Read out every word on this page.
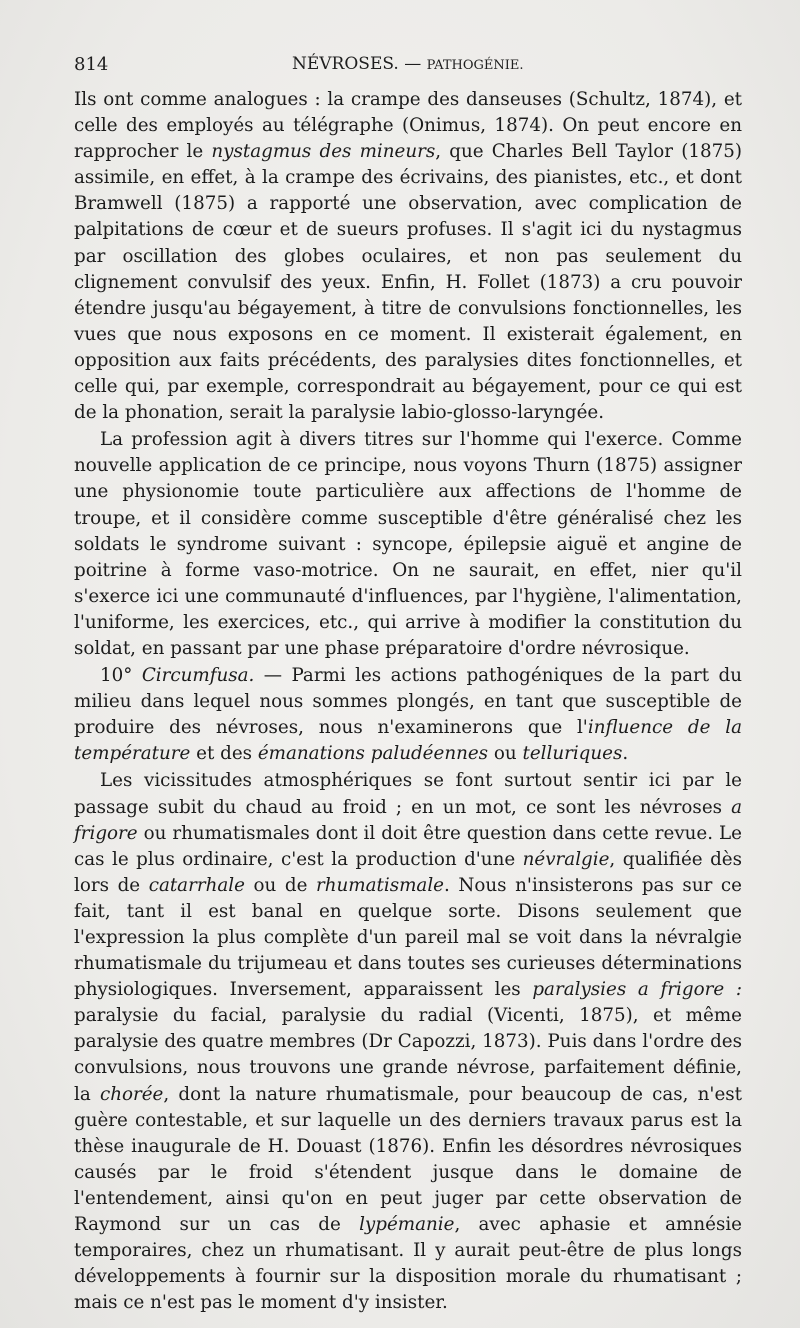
814	NÉVROSES. — PATHOGÉNIE.

Ils ont comme analogues : la crampe des danseuses (Schultz, 1874), et celle des employés au télégraphe (Onimus, 1874). On peut encore en rapprocher le nystagmus des mineurs, que Charles Bell Taylor (1875) assimile, en effet, à la crampe des écrivains, des pianistes, etc., et dont Bramwell (1875) a rapporté une observation, avec complication de palpitations de cœur et de sueurs profuses. Il s'agit ici du nystagmus par oscillation des globes oculaires, et non pas seulement du clignement convulsif des yeux. Enfin, H. Follet (1873) a cru pouvoir étendre jusqu'au bégayement, à titre de convulsions fonctionnelles, les vues que nous exposons en ce moment. Il existerait également, en opposition aux faits précédents, des paralysies dites fonctionnelles, et celle qui, par exemple, correspondrait au bégayement, pour ce qui est de la phonation, serait la paralysie labio-glosso-laryngée.

La profession agit à divers titres sur l'homme qui l'exerce. Comme nouvelle application de ce principe, nous voyons Thurn (1875) assigner une physionomie toute particulière aux affections de l'homme de troupe, et il considère comme susceptible d'être généralisé chez les soldats le syndrome suivant : syncope, épilepsie aiguë et angine de poitrine à forme vaso-motrice. On ne saurait, en effet, nier qu'il s'exerce ici une communauté d'influences, par l'hygiène, l'alimentation, l'uniforme, les exercices, etc., qui arrive à modifier la constitution du soldat, en passant par une phase préparatoire d'ordre névrosique.

10° Circumfusa. — Parmi les actions pathogéniques de la part du milieu dans lequel nous sommes plongés, en tant que susceptible de produire des névroses, nous n'examinerons que l'influence de la température et des émanations paludéennes ou telluriques.

Les vicissitudes atmosphériques se font surtout sentir ici par le passage subit du chaud au froid ; en un mot, ce sont les névroses a frigore ou rhumatismales dont il doit être question dans cette revue. Le cas le plus ordinaire, c'est la production d'une névralgie, qualifiée dès lors de catarrhale ou de rhumatismale. Nous n'insisterons pas sur ce fait, tant il est banal en quelque sorte. Disons seulement que l'expression la plus complète d'un pareil mal se voit dans la névralgie rhumatismale du trijumeau et dans toutes ses curieuses déterminations physiologiques. Inversement, apparaissent les paralysies a frigore : paralysie du facial, paralysie du radial (Vicenti, 1875), et même paralysie des quatre membres (Dr Capozzi, 1873). Puis dans l'ordre des convulsions, nous trouvons une grande névrose, parfaitement définie, la chorée, dont la nature rhumatismale, pour beaucoup de cas, n'est guère contestable, et sur laquelle un des derniers travaux parus est la thèse inaugurale de H. Douast (1876). Enfin les désordres névrosiques causés par le froid s'étendent jusque dans le domaine de l'entendement, ainsi qu'on en peut juger par cette observation de Raymond sur un cas de lypémanie, avec aphasie et amnésie temporaires, chez un rhumatisant. Il y aurait peut-être de plus longs développements à fournir sur la disposition morale du rhumatisant ; mais ce n'est pas le moment d'y insister.
